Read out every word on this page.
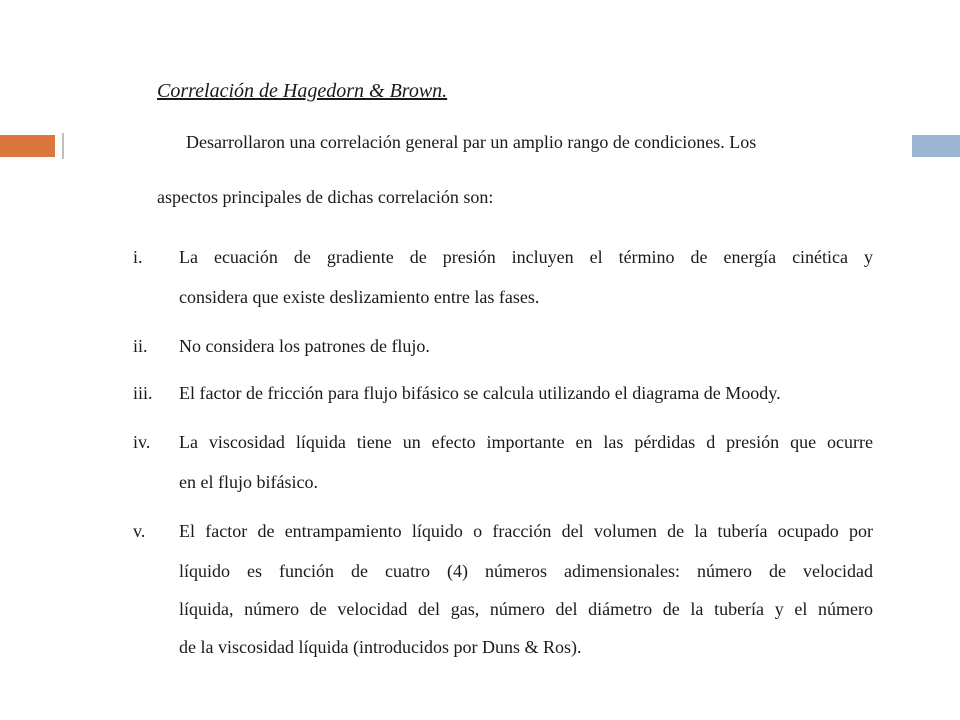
Correlación de Hagedorn & Brown.
Desarrollaron una correlación general par un amplio rango de condiciones. Los
aspectos principales de dichas correlación son:
i. La ecuación de gradiente de presión incluyen el término de energía cinética y
considera que existe deslizamiento entre las fases.
ii. No considera los patrones de flujo.
iii. El factor de fricción para flujo bifásico se calcula utilizando el diagrama de Moody.
iv. La viscosidad líquida tiene un efecto importante en las pérdidas d presión que ocurre
en el flujo bifásico.
v. El factor de entrampamiento líquido o fracción del volumen de la tubería ocupado por
líquido es función de cuatro (4) números adimensionales: número de velocidad
líquida, número de velocidad del gas, número del diámetro de la tubería y el número
de la viscosidad líquida (introducidos por Duns & Ros).
